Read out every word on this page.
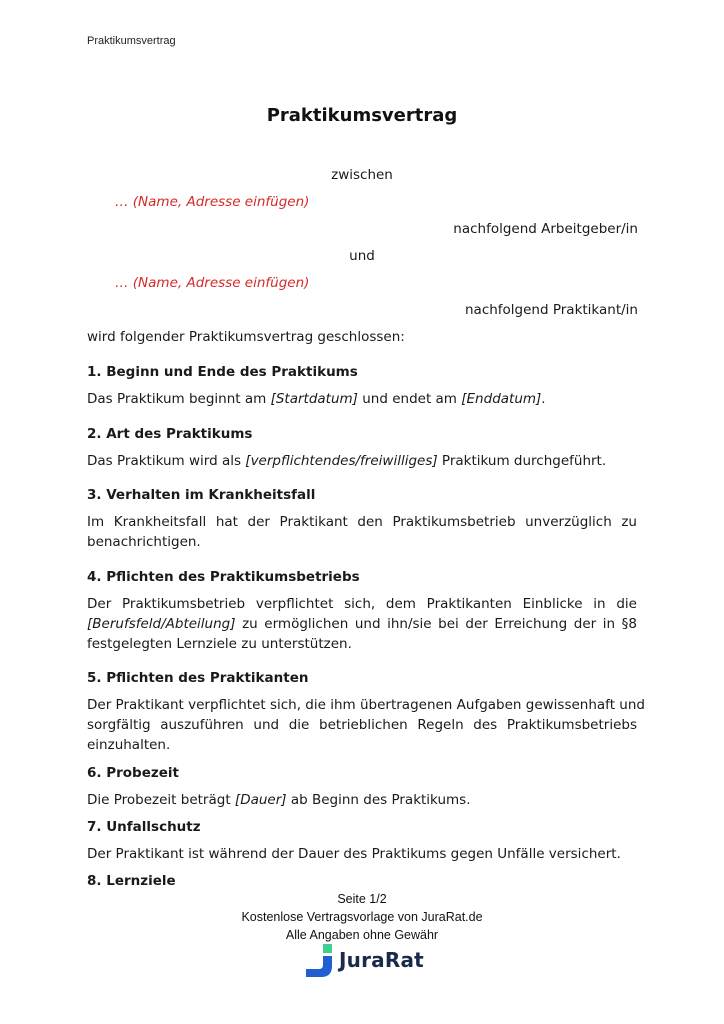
Praktikumsvertrag
Praktikumsvertrag
zwischen
… (Name, Adresse einfügen)
nachfolgend Arbeitgeber/in
und
… (Name, Adresse einfügen)
nachfolgend Praktikant/in
wird folgender Praktikumsvertrag geschlossen:
1. Beginn und Ende des Praktikums
Das Praktikum beginnt am [Startdatum] und endet am [Enddatum].
2. Art des Praktikums
Das Praktikum wird als [verpflichtendes/freiwilliges] Praktikum durchgeführt.
3. Verhalten im Krankheitsfall
Im Krankheitsfall hat der Praktikant den Praktikumsbetrieb unverzüglich zu
benachrichtigen.
4. Pflichten des Praktikumsbetriebs
Der Praktikumsbetrieb verpflichtet sich, dem Praktikanten Einblicke in die
[Berufsfeld/Abteilung] zu ermöglichen und ihn/sie bei der Erreichung der in §8
festgelegten Lernziele zu unterstützen.
5. Pflichten des Praktikanten
Der Praktikant verpflichtet sich, die ihm übertragenen Aufgaben gewissenhaft und
sorgfältig auszuführen und die betrieblichen Regeln des Praktikumsbetriebs
einzuhalten.
6. Probezeit
Die Probezeit beträgt [Dauer] ab Beginn des Praktikums.
7. Unfallschutz
Der Praktikant ist während der Dauer des Praktikums gegen Unfälle versichert.
8. Lernziele
Seite 1/2
Kostenlose Vertragsvorlage von JuraRat.de
Alle Angaben ohne Gewähr
JuraRat
